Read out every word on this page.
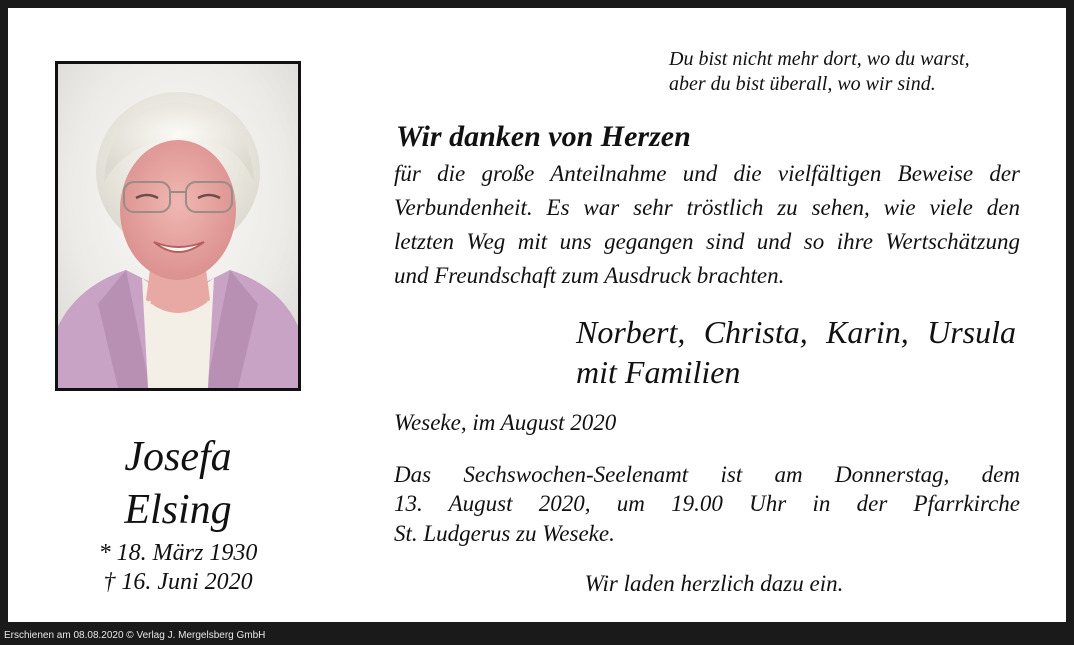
Josefa
Elsing
* 18. März 1930
† 16. Juni 2020
Du bist nicht mehr dort, wo du warst,
aber du bist überall, wo wir sind.
Wir danken von Herzen
für die große Anteilnahme und die vielfältigen Beweise der
Verbundenheit. Es war sehr tröstlich zu sehen, wie viele den
letzten Weg mit uns gegangen sind und so ihre Wertschätzung
und Freundschaft zum Ausdruck brachten.
Norbert, Christa, Karin, Ursula
mit Familien
Weseke, im August 2020
Das Sechswochen-Seelenamt ist am Donnerstag, dem
13. August 2020, um 19.00 Uhr in der Pfarrkirche
St. Ludgerus zu Weseke.
Wir laden herzlich dazu ein.
Erschienen am 08.08.2020 © Verlag J. Mergelsberg GmbH
